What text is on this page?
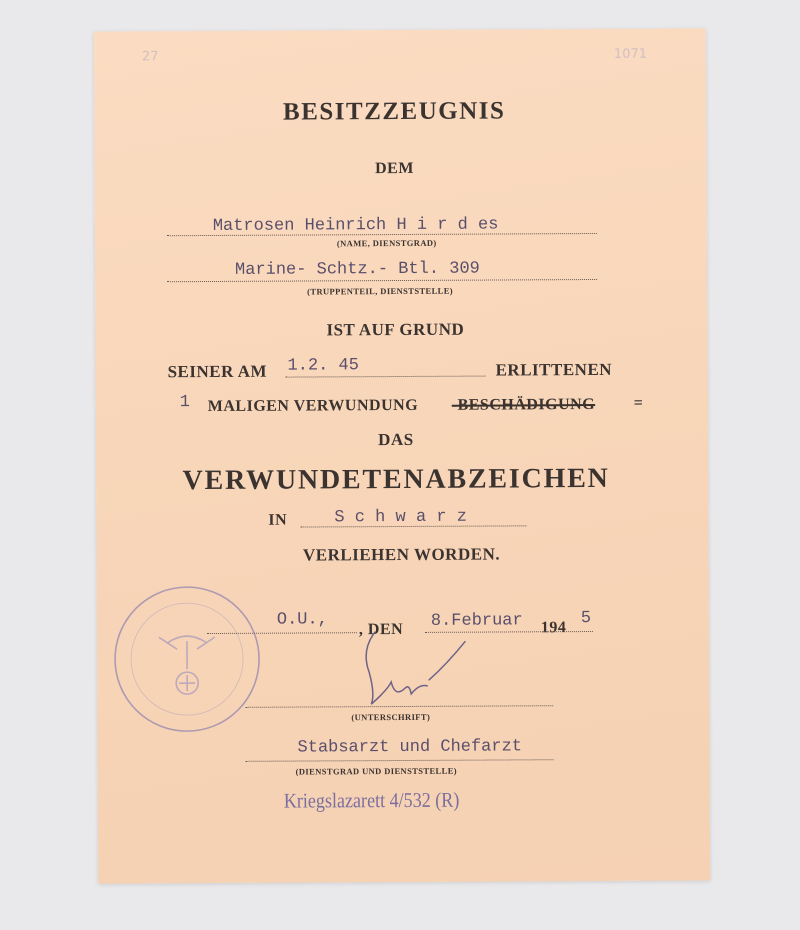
27	1071
BESITZZEUGNIS
DEM
Matrosen Heinrich H i r d es
(NAME, DIENSTGRAD)
Marine- Schtz.- Btl. 309
(TRUPPENTEIL, DIENSTSTELLE)
IST AUF GRUND
SEINER AM 1.2. 45	ERLITTENEN
1 MALIGEN VERWUNDUNG -BESCHÄDIGUNG =
DAS
VERWUNDETENABZEICHEN
IN	S c h w a r z
VERLIEHEN WORDEN.
O.U., , DEN 8.Februar 194 5
(UNTERSCHRIFT)
Stabsarzt und Chefarzt
(DIENSTGRAD UND DIENSTSTELLE)
Kriegslazarett 4/532 (R)
